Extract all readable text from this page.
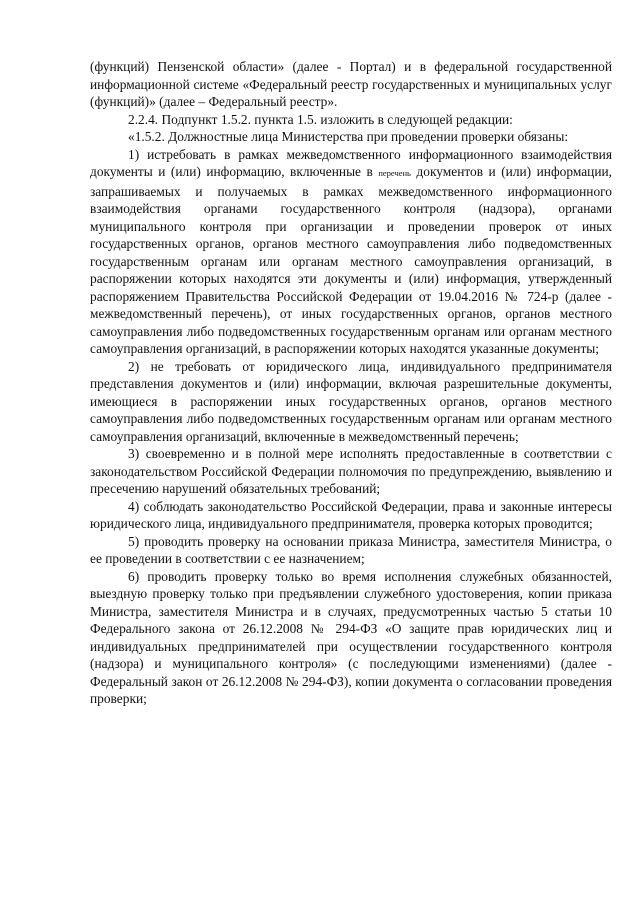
(функций) Пензенской области» (далее - Портал) и в федеральной государственной информационной системе «Федеральный реестр государственных и муниципальных услуг (функций)» (далее – Федеральный реестр».

2.2.4. Подпункт 1.5.2. пункта 1.5. изложить в следующей редакции:

«1.5.2. Должностные лица Министерства при проведении проверки обязаны:

1) истребовать в рамках межведомственного информационного взаимодействия документы и (или) информацию, включенные в перечень документов и (или) информации, запрашиваемых и получаемых в рамках межведомственного информационного взаимодействия органами государственного контроля (надзора), органами муниципального контроля при организации и проведении проверок от иных государственных органов, органов местного самоуправления либо подведомственных государственным органам или органам местного самоуправления организаций, в распоряжении которых находятся эти документы и (или) информация, утвержденный распоряжением Правительства Российской Федерации от 19.04.2016 № 724-р (далее - межведомственный перечень), от иных государственных органов, органов местного самоуправления либо подведомственных государственным органам или органам местного самоуправления организаций, в распоряжении которых находятся указанные документы;

2) не требовать от юридического лица, индивидуального предпринимателя представления документов и (или) информации, включая разрешительные документы, имеющиеся в распоряжении иных государственных органов, органов местного самоуправления либо подведомственных государственным органам или органам местного самоуправления организаций, включенные в межведомственный перечень;

3) своевременно и в полной мере исполнять предоставленные в соответствии с законодательством Российской Федерации полномочия по предупреждению, выявлению и пресечению нарушений обязательных требований;

4) соблюдать законодательство Российской Федерации, права и законные интересы юридического лица, индивидуального предпринимателя, проверка которых проводится;

5) проводить проверку на основании приказа Министра, заместителя Министра, о ее проведении в соответствии с ее назначением;

6) проводить проверку только во время исполнения служебных обязанностей, выездную проверку только при предъявлении служебного удостоверения, копии приказа Министра, заместителя Министра и в случаях, предусмотренных частью 5 статьи 10 Федерального закона от 26.12.2008 № 294-ФЗ «О защите прав юридических лиц и индивидуальных предпринимателей при осуществлении государственного контроля (надзора) и муниципального контроля» (с последующими изменениями) (далее - Федеральный закон от 26.12.2008 № 294-ФЗ), копии документа о согласовании проведения проверки;
